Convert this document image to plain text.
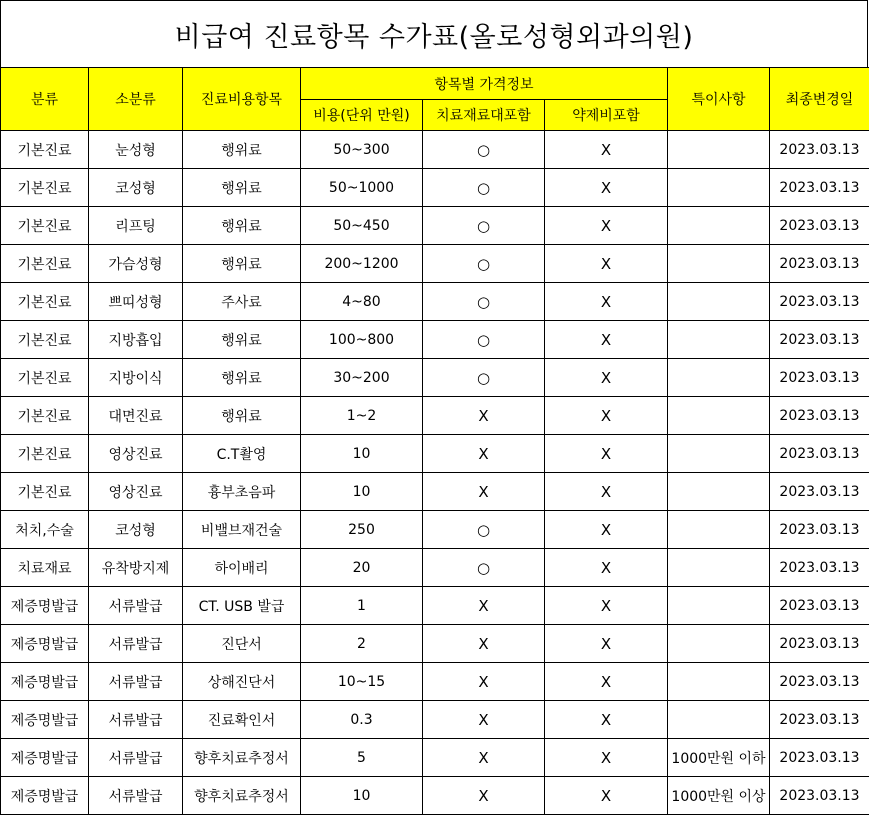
비급여 진료항목 수가표(올로성형외과의원)
분류	소분류	진료비용항목	항목별 가격정보			특이사항	최종변경일
			비용(단위 만원)	치료재료대포함	약제비포함		
기본진료	눈성형	행위료	50~300	○	X		2023.03.13
기본진료	코성형	행위료	50~1000	○	X		2023.03.13
기본진료	리프팅	행위료	50~450	○	X		2023.03.13
기본진료	가슴성형	행위료	200~1200	○	X		2023.03.13
기본진료	쁘띠성형	주사료	4~80	○	X		2023.03.13
기본진료	지방흡입	행위료	100~800	○	X		2023.03.13
기본진료	지방이식	행위료	30~200	○	X		2023.03.13
기본진료	대면진료	행위료	1~2	X	X		2023.03.13
기본진료	영상진료	C.T촬영	10	X	X		2023.03.13
기본진료	영상진료	흉부초음파	10	X	X		2023.03.13
처치,수술	코성형	비밸브재건술	250	○	X		2023.03.13
치료재료	유착방지제	하이배리	20	○	X		2023.03.13
제증명발급	서류발급	CT. USB 발급	1	X	X		2023.03.13
제증명발급	서류발급	진단서	2	X	X		2023.03.13
제증명발급	서류발급	상해진단서	10~15	X	X		2023.03.13
제증명발급	서류발급	진료확인서	0.3	X	X		2023.03.13
제증명발급	서류발급	향후치료추정서	5	X	X	1000만원 이하	2023.03.13
제증명발급	서류발급	향후치료추정서	10	X	X	1000만원 이상	2023.03.13
